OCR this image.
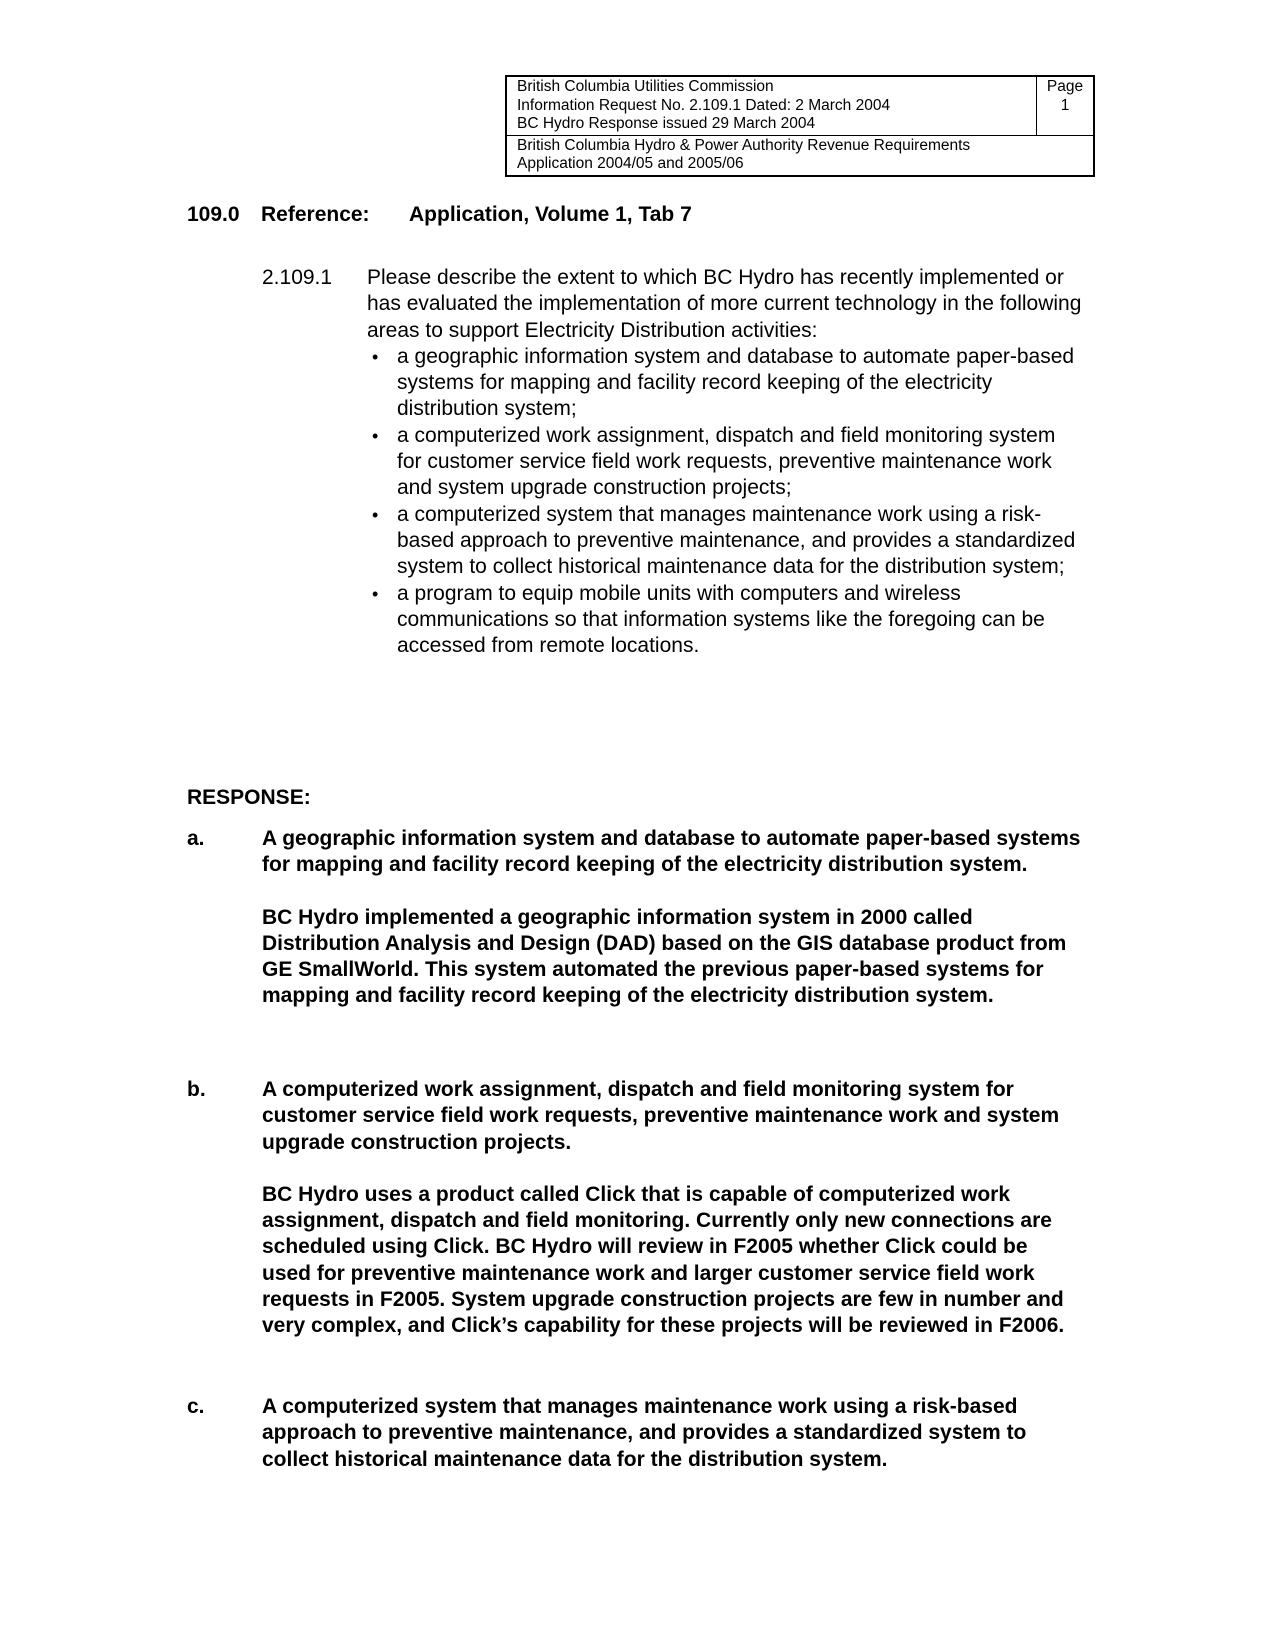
British Columbia Utilities Commission
Information Request No. 2.109.1 Dated: 2 March 2004
BC Hydro Response issued 29 March 2004

Page
1

British Columbia Hydro & Power Authority Revenue Requirements
Application 2004/05 and 2005/06
109.0 Reference: Application, Volume 1, Tab 7
2.109.1 Please describe the extent to which BC Hydro has recently implemented or has evaluated the implementation of more current technology in the following areas to support Electricity Distribution activities:
• a geographic information system and database to automate paper-based systems for mapping and facility record keeping of the electricity distribution system;
• a computerized work assignment, dispatch and field monitoring system for customer service field work requests, preventive maintenance work and system upgrade construction projects;
• a computerized system that manages maintenance work using a risk-based approach to preventive maintenance, and provides a standardized system to collect historical maintenance data for the distribution system;
• a program to equip mobile units with computers and wireless communications so that information systems like the foregoing can be accessed from remote locations.
RESPONSE:
a.	A geographic information system and database to automate paper-based systems for mapping and facility record keeping of the electricity distribution system.

BC Hydro implemented a geographic information system in 2000 called Distribution Analysis and Design (DAD) based on the GIS database product from GE SmallWorld. This system automated the previous paper-based systems for mapping and facility record keeping of the electricity distribution system.

b.	A computerized work assignment, dispatch and field monitoring system for customer service field work requests, preventive maintenance work and system upgrade construction projects.

BC Hydro uses a product called Click that is capable of computerized work assignment, dispatch and field monitoring. Currently only new connections are scheduled using Click. BC Hydro will review in F2005 whether Click could be used for preventive maintenance work and larger customer service field work requests in F2005. System upgrade construction projects are few in number and very complex, and Click’s capability for these projects will be reviewed in F2006.

c.	A computerized system that manages maintenance work using a risk-based approach to preventive maintenance, and provides a standardized system to collect historical maintenance data for the distribution system.
